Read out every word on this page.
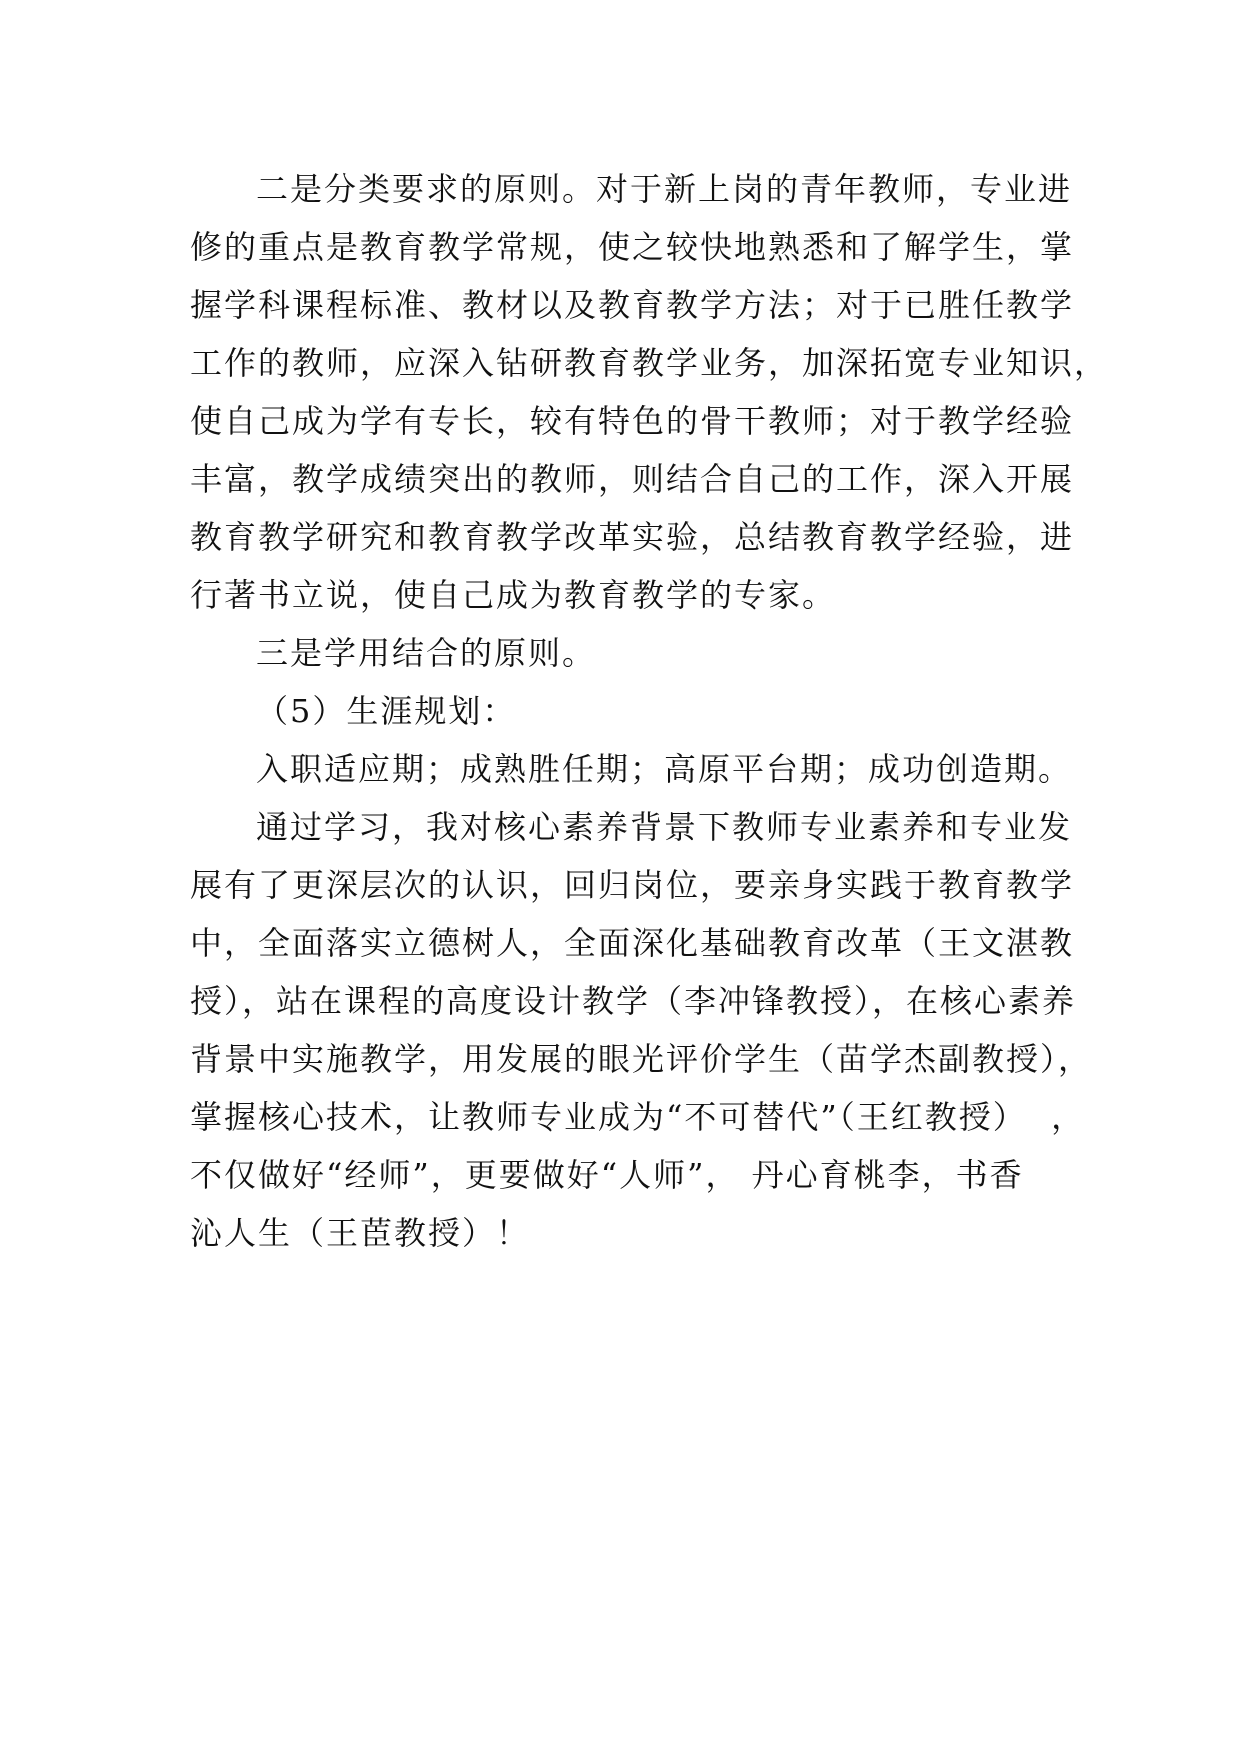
二是分类要求的原则。对于新上岗的青年教师，专业进
修的重点是教育教学常规，使之较快地熟悉和了解学生，掌
握学科课程标准、教材以及教育教学方法；对于已胜任教学
工作的教师，应深入钻研教育教学业务，加深拓宽专业知识，
使自己成为学有专长，较有特色的骨干教师；对于教学经验
丰富，教学成绩突出的教师，则结合自己的工作，深入开展
教育教学研究和教育教学改革实验，总结教育教学经验，进
行著书立说，使自己成为教育教学的专家。
三是学用结合的原则。
（5）生涯规划：
入职适应期；成熟胜任期；高原平台期；成功创造期。
通过学习，我对核心素养背景下教师专业素养和专业发
展有了更深层次的认识，回归岗位，要亲身实践于教育教学
中，全面落实立德树人，全面深化基础教育改革（王文湛教
授），站在课程的高度设计教学（李冲锋教授），在核心素养
背景中实施教学，用发展的眼光评价学生（苗学杰副教授），
掌握核心技术，让教师专业成为“不可替代”（王红教授）  ，
不仅做好“经师”，更要做好“人师”， 丹心育桃李，书香
沁人生（王茞教授）！
